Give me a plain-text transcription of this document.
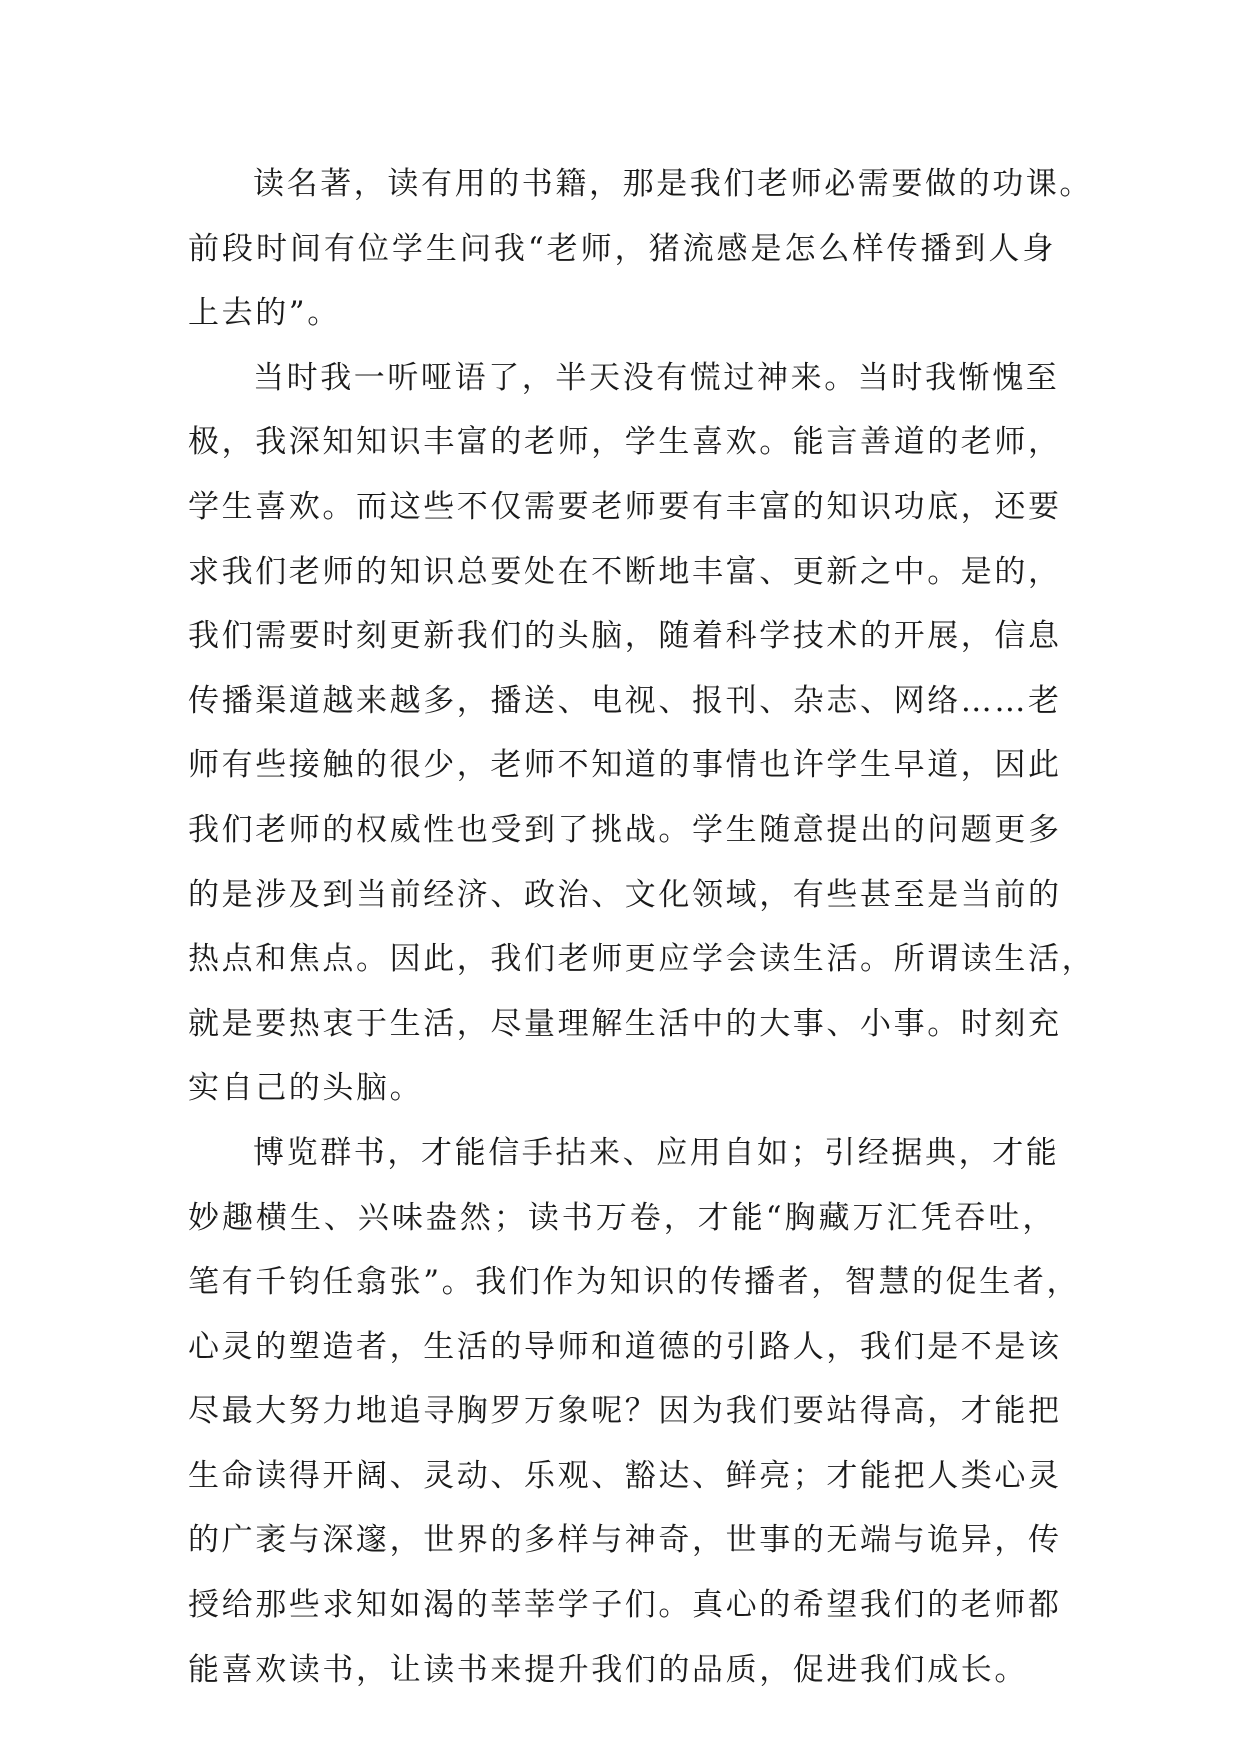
读名著，读有用的书籍，那是我们老师必需要做的功课。
前段时间有位学生问我“老师，猪流感是怎么样传播到人身
上去的”。
当时我一听哑语了，半天没有慌过神来。当时我惭愧至
极，我深知知识丰富的老师，学生喜欢。能言善道的老师，
学生喜欢。而这些不仅需要老师要有丰富的知识功底，还要
求我们老师的知识总要处在不断地丰富、更新之中。是的，
我们需要时刻更新我们的头脑，随着科学技术的开展，信息
传播渠道越来越多，播送、电视、报刊、杂志、网络……老
师有些接触的很少，老师不知道的事情也许学生早道，因此
我们老师的权威性也受到了挑战。学生随意提出的问题更多
的是涉及到当前经济、政治、文化领域，有些甚至是当前的
热点和焦点。因此，我们老师更应学会读生活。所谓读生活，
就是要热衷于生活，尽量理解生活中的大事、小事。时刻充
实自己的头脑。
博览群书，才能信手拈来、应用自如；引经据典，才能
妙趣横生、兴味盎然；读书万卷，才能“胸藏万汇凭吞吐，
笔有千钧任翕张”。我们作为知识的传播者，智慧的促生者，
心灵的塑造者，生活的导师和道德的引路人，我们是不是该
尽最大努力地追寻胸罗万象呢？因为我们要站得高，才能把
生命读得开阔、灵动、乐观、豁达、鲜亮；才能把人类心灵
的广袤与深邃，世界的多样与神奇，世事的无端与诡异，传
授给那些求知如渴的莘莘学子们。真心的希望我们的老师都
能喜欢读书，让读书来提升我们的品质，促进我们成长。
